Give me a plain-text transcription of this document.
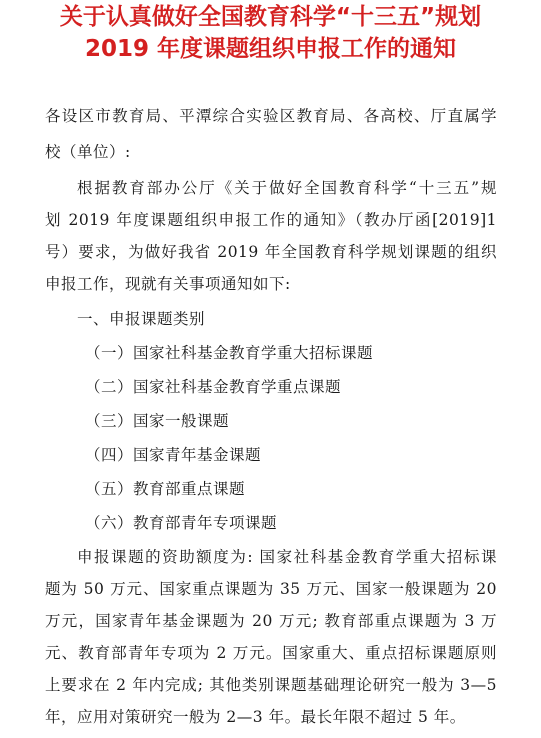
关于认真做好全国教育科学“十三五”规划
2019 年度课题组织申报工作的通知
各设区市教育局、平潭综合实验区教育局、各高校、厅直属学
校（单位）:
根据教育部办公厅《关于做好全国教育科学“十三五”规
划 2019 年度课题组织申报工作的通知》（教办厅函[2019]1
号）要求，为做好我省 2019 年全国教育科学规划课题的组织
申报工作，现就有关事项通知如下:
一、申报课题类别
（一）国家社科基金教育学重大招标课题
（二）国家社科基金教育学重点课题
（三）国家一般课题
（四）国家青年基金课题
（五）教育部重点课题
（六）教育部青年专项课题
申报课题的资助额度为: 国家社科基金教育学重大招标课
题为 50 万元、国家重点课题为 35 万元、国家一般课题为 20
万元，国家青年基金课题为 20 万元; 教育部重点课题为 3 万
元、教育部青年专项为 2 万元。国家重大、重点招标课题原则
上要求在 2 年内完成; 其他类别课题基础理论研究一般为 3—5
年，应用对策研究一般为 2—3 年。最长年限不超过 5 年。
